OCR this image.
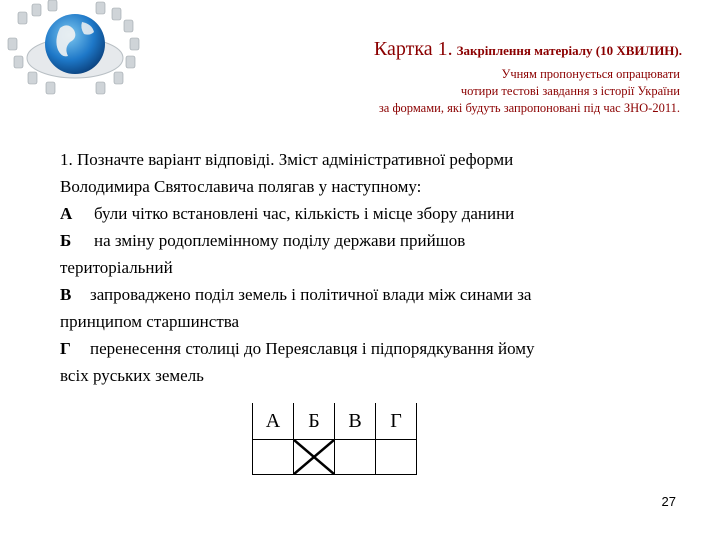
Картка 1. Закріплення матеріалу (10 ХВИЛИН).
Учням пропонується опрацювати
чотири тестові завдання з історії України
за формами, які будуть запропоновані під час ЗНО-2011.
1. Позначте варіант відповіді. Зміст адміністративної реформи
Володимира Святославича полягав у наступному:
А були чітко встановлені час, кількість і місце збору данини
Б на зміну родоплемінному поділу держави прийшов
територіальний
В запроваджено поділ земель і політичної влади між синами за
принципом старшинства
Г перенесення столиці до Переяславця і підпорядкування йому
всіх руських земель
А	Б	В	Г

27
